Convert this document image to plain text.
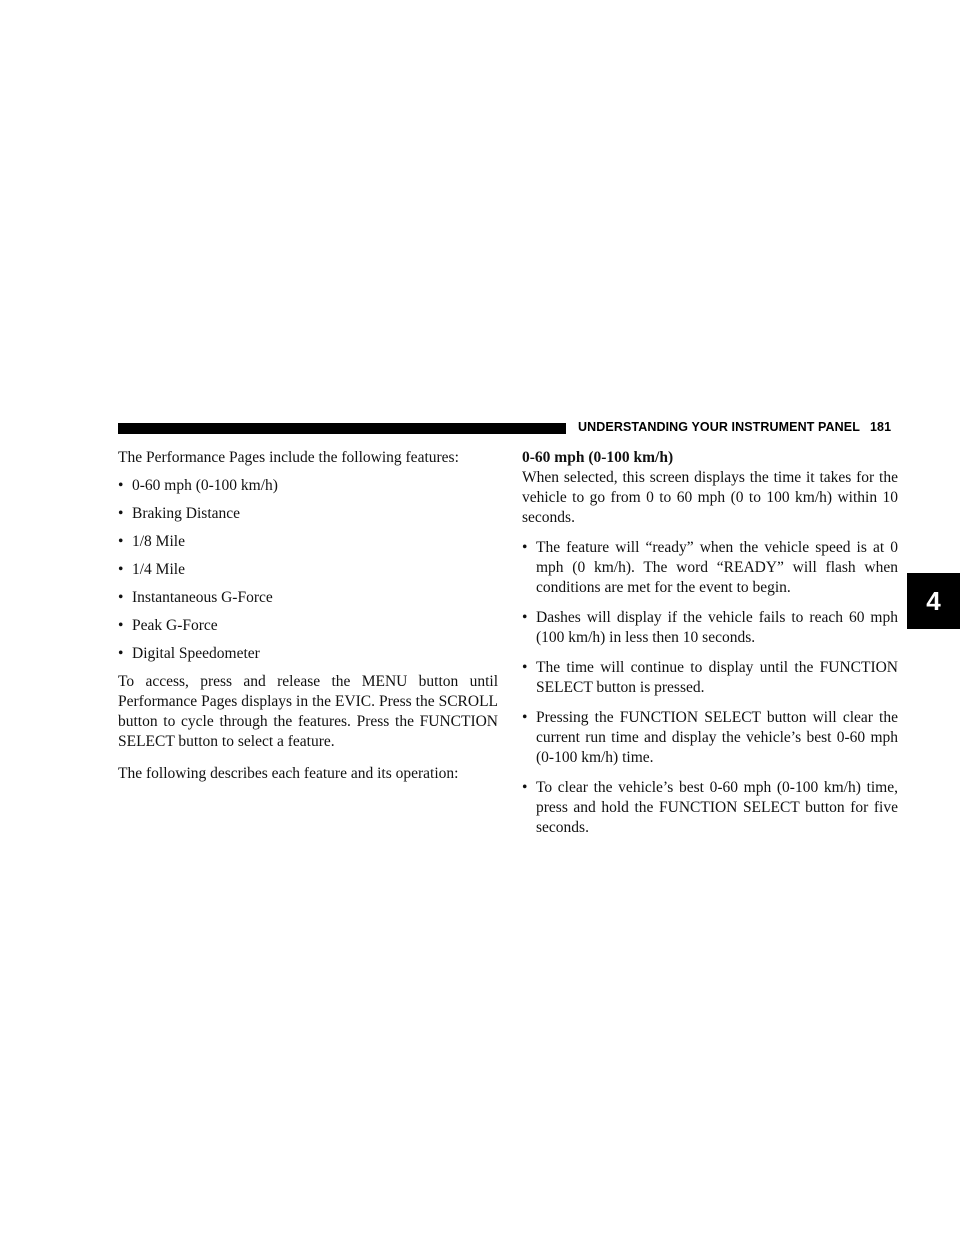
UNDERSTANDING YOUR INSTRUMENT PANEL 181
4

The Performance Pages include the following features:

• 0-60 mph (0-100 km/h)
• Braking Distance
• 1/8 Mile
• 1/4 Mile
• Instantaneous G-Force
• Peak G-Force
• Digital Speedometer

To access, press and release the MENU button until Performance Pages displays in the EVIC. Press the SCROLL button to cycle through the features. Press the FUNCTION SELECT button to select a feature.

The following describes each feature and its operation:

0-60 mph (0-100 km/h)

When selected, this screen displays the time it takes for the vehicle to go from 0 to 60 mph (0 to 100 km/h) within 10 seconds.

• The feature will “ready” when the vehicle speed is at 0 mph (0 km/h). The word “READY” will flash when conditions are met for the event to begin.
• Dashes will display if the vehicle fails to reach 60 mph (100 km/h) in less then 10 seconds.
• The time will continue to display until the FUNCTION SELECT button is pressed.
• Pressing the FUNCTION SELECT button will clear the current run time and display the vehicle’s best 0-60 mph (0-100 km/h) time.
• To clear the vehicle’s best 0-60 mph (0-100 km/h) time, press and hold the FUNCTION SELECT button for five seconds.
